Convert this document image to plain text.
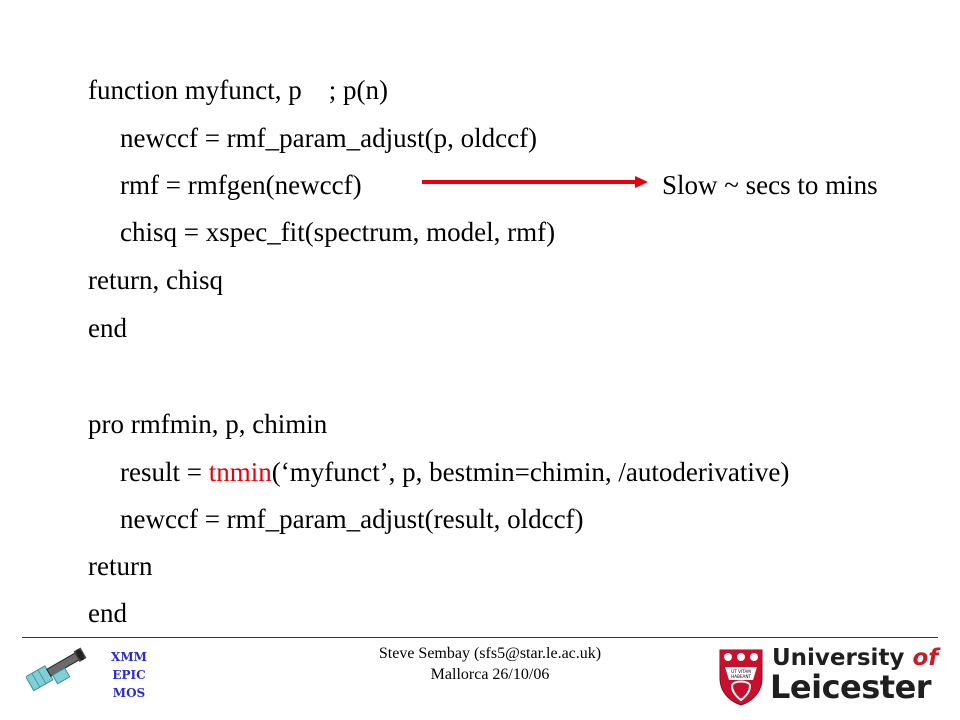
function myfunct, p    ; p(n)
newccf = rmf_param_adjust(p, oldccf)
rmf = rmfgen(newccf)
chisq = xspec_fit(spectrum, model, rmf)
return, chisq
end
pro rmfmin, p, chimin
result = tnmin(‘myfunct’, p, bestmin=chimin, /autoderivative)
newccf = rmf_param_adjust(result, oldccf)
return
end
Slow ~ secs to mins
XMM
EPIC
MOS
Steve Sembay (sfs5@star.le.ac.uk)
Mallorca 26/10/06	UT VITAM
HABEANT
University of
Leicester
